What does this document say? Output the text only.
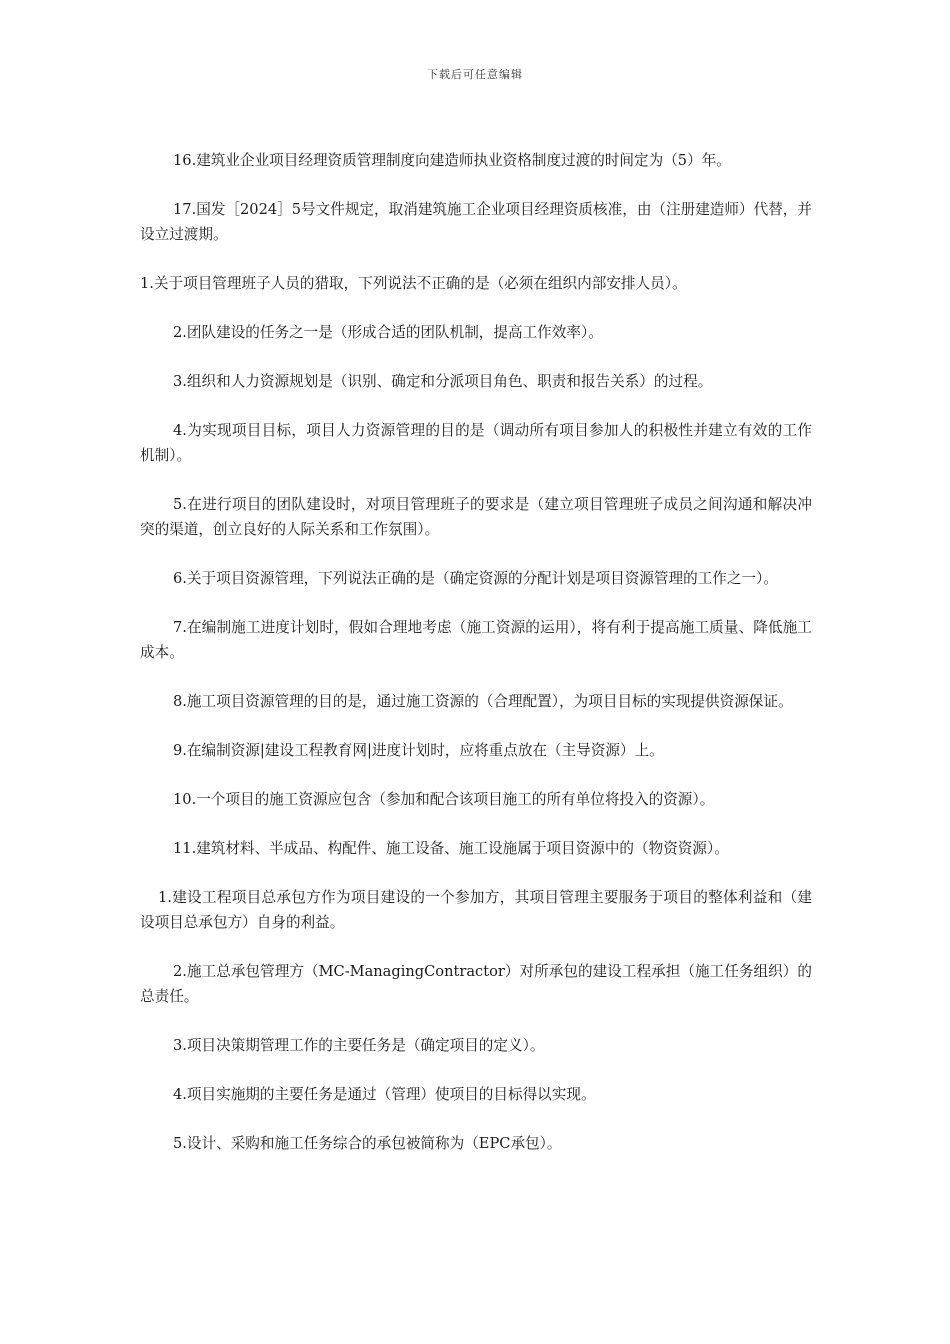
下载后可任意编辑

16.建筑业企业项目经理资质管理制度向建造师执业资格制度过渡的时间定为（5）年。

17.国发［2024］5号文件规定，取消建筑施工企业项目经理资质核准，由（注册建造师）代替，并设立过渡期。

1.关于项目管理班子人员的猎取，下列说法不正确的是（必须在组织内部安排人员）。

2.团队建设的任务之一是（形成合适的团队机制，提高工作效率）。

3.组织和人力资源规划是（识别、确定和分派项目角色、职责和报告关系）的过程。

4.为实现项目目标，项目人力资源管理的目的是（调动所有项目参加人的积极性并建立有效的工作机制）。

5.在进行项目的团队建设时，对项目管理班子的要求是（建立项目管理班子成员之间沟通和解决冲突的渠道，创立良好的人际关系和工作氛围）。

6.关于项目资源管理，下列说法正确的是（确定资源的分配计划是项目资源管理的工作之一）。

7.在编制施工进度计划时，假如合理地考虑（施工资源的运用），将有利于提高施工质量、降低施工成本。

8.施工项目资源管理的目的是，通过施工资源的（合理配置），为项目目标的实现提供资源保证。

9.在编制资源|建设工程教育网|进度计划时，应将重点放在（主导资源）上。

10.一个项目的施工资源应包含（参加和配合该项目施工的所有单位将投入的资源）。

11.建筑材料、半成品、构配件、施工设备、施工设施属于项目资源中的（物资资源）。

1.建设工程项目总承包方作为项目建设的一个参加方，其项目管理主要服务于项目的整体利益和（建设项目总承包方）自身的利益。

2.施工总承包管理方（MC-ManagingContractor）对所承包的建设工程承担（施工任务组织）的总责任。

3.项目决策期管理工作的主要任务是（确定项目的定义）。

4.项目实施期的主要任务是通过（管理）使项目的目标得以实现。

5.设计、采购和施工任务综合的承包被简称为（EPC承包）。
